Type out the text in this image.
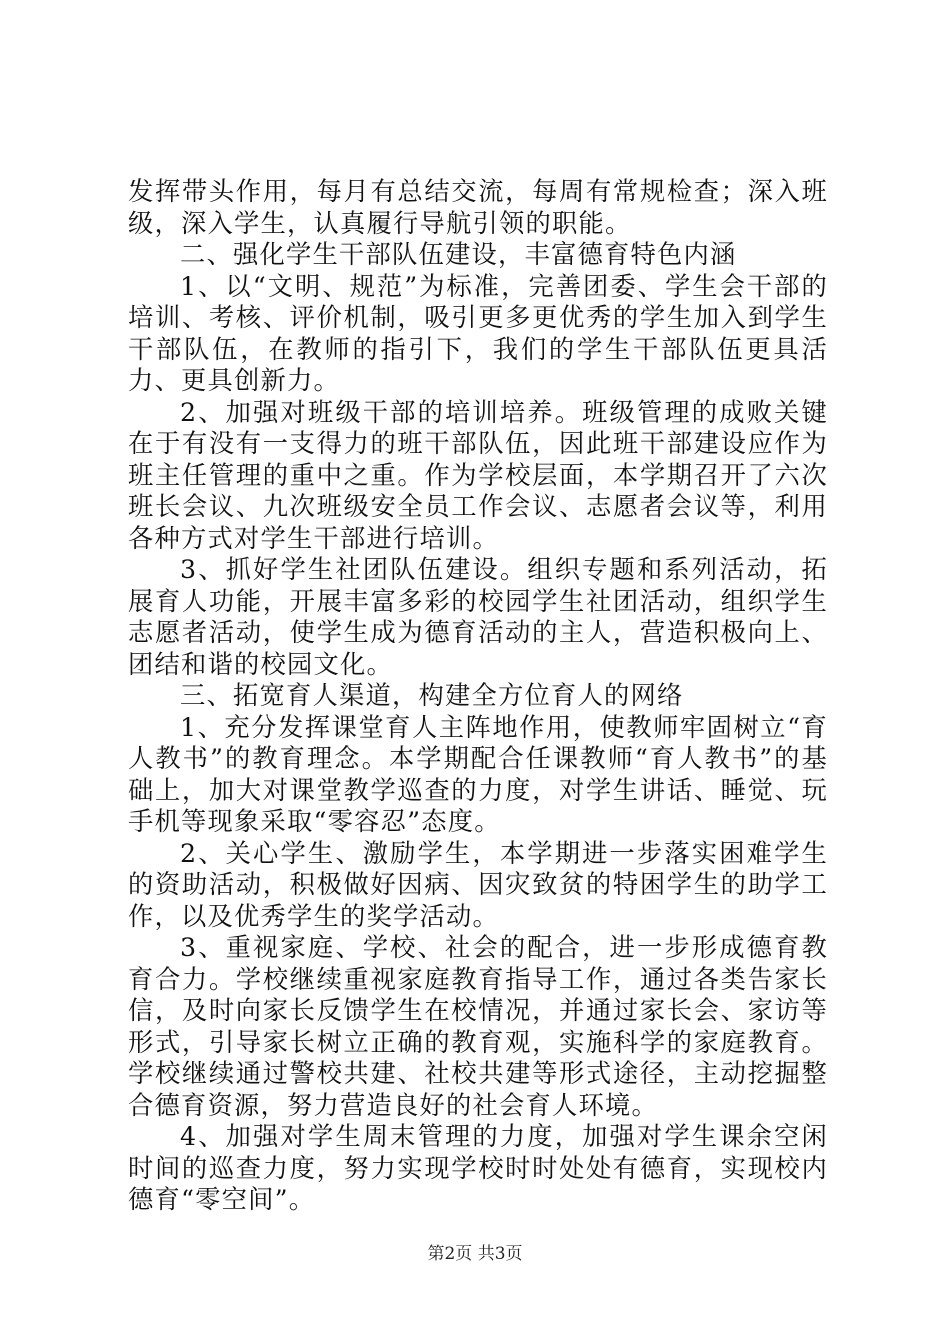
发挥带头作用，每月有总结交流，每周有常规检查；深入班级，深入学生，认真履行导航引领的职能。

二、强化学生干部队伍建设，丰富德育特色内涵

1、以“文明、规范”为标准，完善团委、学生会干部的培训、考核、评价机制，吸引更多更优秀的学生加入到学生干部队伍，在教师的指引下，我们的学生干部队伍更具活力、更具创新力。

2、加强对班级干部的培训培养。班级管理的成败关键在于有没有一支得力的班干部队伍，因此班干部建设应作为班主任管理的重中之重。作为学校层面，本学期召开了六次班长会议、九次班级安全员工作会议、志愿者会议等，利用各种方式对学生干部进行培训。

3、抓好学生社团队伍建设。组织专题和系列活动，拓展育人功能，开展丰富多彩的校园学生社团活动，组织学生志愿者活动，使学生成为德育活动的主人，营造积极向上、团结和谐的校园文化。

三、拓宽育人渠道，构建全方位育人的网络

1、充分发挥课堂育人主阵地作用，使教师牢固树立“育人教书”的教育理念。本学期配合任课教师“育人教书”的基础上，加大对课堂教学巡查的力度，对学生讲话、睡觉、玩手机等现象采取“零容忍”态度。

2、关心学生、激励学生，本学期进一步落实困难学生的资助活动，积极做好因病、因灾致贫的特困学生的助学工作，以及优秀学生的奖学活动。

3、重视家庭、学校、社会的配合，进一步形成德育教育合力。学校继续重视家庭教育指导工作，通过各类告家长信，及时向家长反馈学生在校情况，并通过家长会、家访等形式，引导家长树立正确的教育观，实施科学的家庭教育。学校继续通过警校共建、社校共建等形式途径，主动挖掘整合德育资源，努力营造良好的社会育人环境。

4、加强对学生周末管理的力度，加强对学生课余空闲时间的巡查力度，努力实现学校时时处处有德育，实现校内德育“零空间”。

第2页 共3页
